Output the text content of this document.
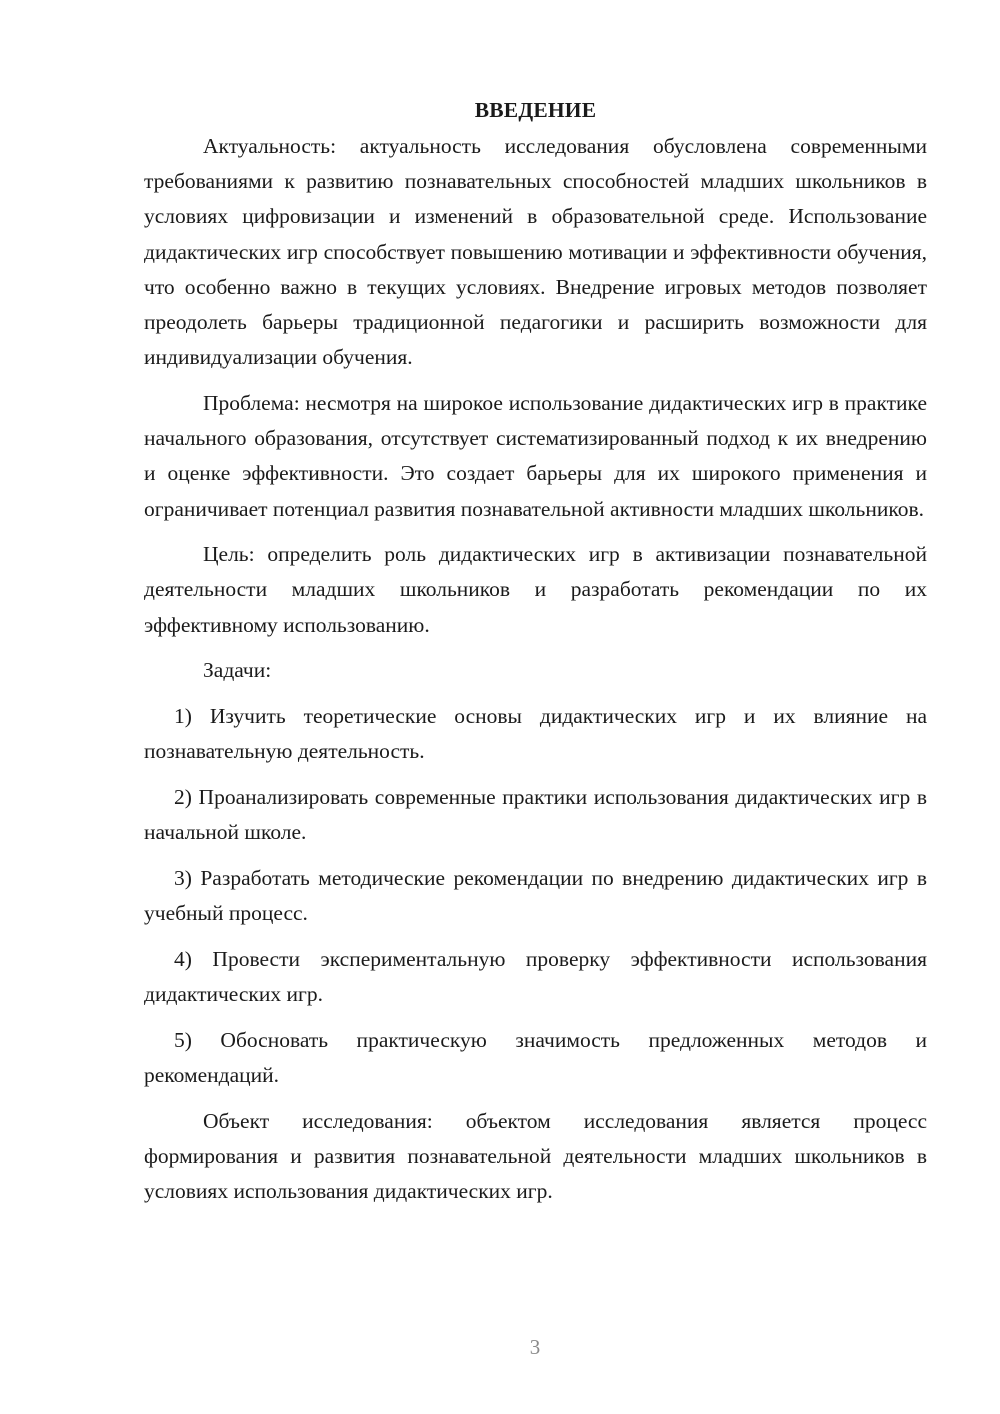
ВВЕДЕНИЕ

Актуальность: актуальность исследования обусловлена современными требованиями к развитию познавательных способностей младших школьников в условиях цифровизации и изменений в образовательной среде. Использование дидактических игр способствует повышению мотивации и эффективности обучения, что особенно важно в текущих условиях. Внедрение игровых методов позволяет преодолеть барьеры традиционной педагогики и расширить возможности для индивидуализации обучения.

Проблема: несмотря на широкое использование дидактических игр в практике начального образования, отсутствует систематизированный подход к их внедрению и оценке эффективности. Это создает барьеры для их широкого применения и ограничивает потенциал развития познавательной активности младших школьников.

Цель: определить роль дидактических игр в активизации познавательной деятельности младших школьников и разработать рекомендации по их эффективному использованию.

Задачи:

1) Изучить теоретические основы дидактических игр и их влияние на познавательную деятельность.

2) Проанализировать современные практики использования дидактических игр в начальной школе.

3) Разработать методические рекомендации по внедрению дидактических игр в учебный процесс.

4) Провести экспериментальную проверку эффективности использования дидактических игр.

5) Обосновать практическую значимость предложенных методов и рекомендаций.

Объект исследования: объектом исследования является процесс формирования и развития познавательной деятельности младших школьников в условиях использования дидактических игр.

3
